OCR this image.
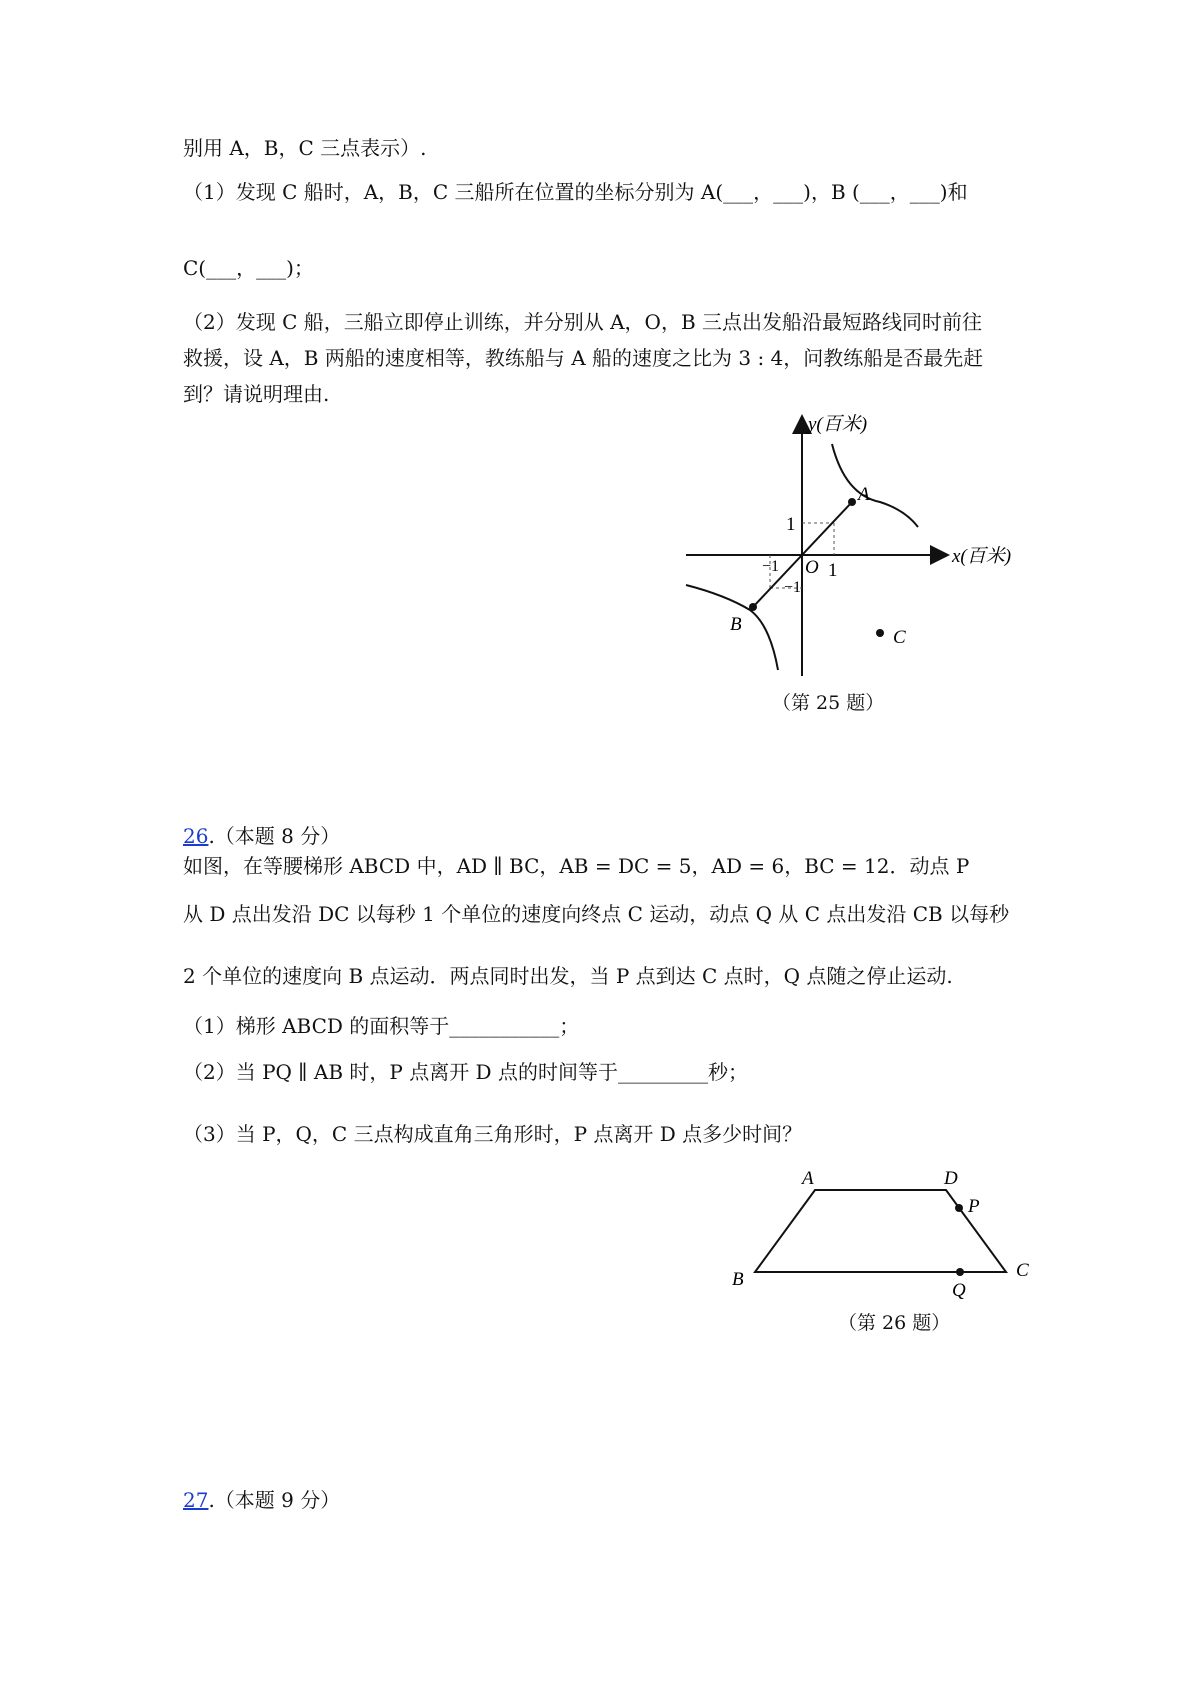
别用 A，B，C 三点表示）.
（1）发现 C 船时，A，B，C 三船所在位置的坐标分别为 A(___，___)，B (___，___)和
C(___，___)；
（2）发现 C 船，三船立即停止训练，并分别从 A，O，B 三点出发船沿最短路线同时前往
救援，设 A，B 两船的速度相等，教练船与 A 船的速度之比为 3 : 4，问教练船是否最先赶
到？请说明理由.
y(百米)
x(百米)
O
1
1
−1
−1
A
B
C
（第 25 题）
26.（本题 8 分）
如图，在等腰梯形 ABCD 中，AD ∥ BC，AB = DC = 5，AD = 6，BC = 12．动点 P
从 D 点出发沿 DC 以每秒 1 个单位的速度向终点 C 运动，动点 Q 从 C 点出发沿 CB 以每秒
2 个单位的速度向 B 点运动．两点同时出发，当 P 点到达 C 点时，Q 点随之停止运动.
（1）梯形 ABCD 的面积等于___________；
（2）当 PQ ∥ AB 时，P 点离开 D 点的时间等于_________秒；
（3）当 P，Q，C 三点构成直角三角形时，P 点离开 D 点多少时间？
A	D
P
B	C
Q
（第 26 题）
27.（本题 9 分）
